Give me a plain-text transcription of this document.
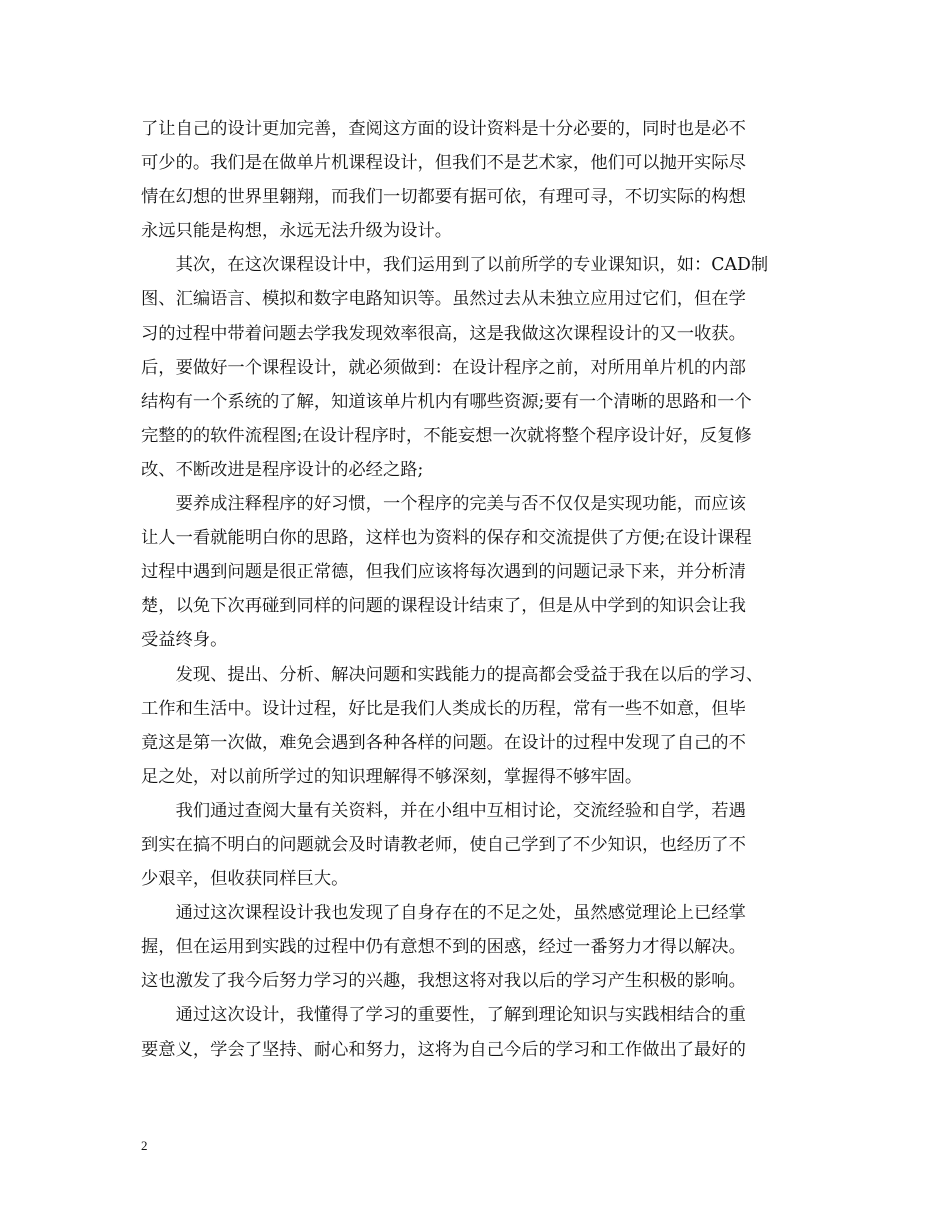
了让自己的设计更加完善，查阅这方面的设计资料是十分必要的，同时也是必不
可少的。我们是在做单片机课程设计，但我们不是艺术家，他们可以抛开实际尽
情在幻想的世界里翱翔，而我们一切都要有据可依，有理可寻，不切实际的构想
永远只能是构想，永远无法升级为设计。
　　其次，在这次课程设计中，我们运用到了以前所学的专业课知识，如：CAD制
图、汇编语言、模拟和数字电路知识等。虽然过去从未独立应用过它们，但在学
习的过程中带着问题去学我发现效率很高，这是我做这次课程设计的又一收获。
后，要做好一个课程设计，就必须做到：在设计程序之前，对所用单片机的内部
结构有一个系统的了解，知道该单片机内有哪些资源;要有一个清晰的思路和一个
完整的的软件流程图;在设计程序时，不能妄想一次就将整个程序设计好，反复修
改、不断改进是程序设计的必经之路;
　　要养成注释程序的好习惯，一个程序的完美与否不仅仅是实现功能，而应该
让人一看就能明白你的思路，这样也为资料的保存和交流提供了方便;在设计课程
过程中遇到问题是很正常德，但我们应该将每次遇到的问题记录下来，并分析清
楚，以免下次再碰到同样的问题的课程设计结束了，但是从中学到的知识会让我
受益终身。
　　发现、提出、分析、解决问题和实践能力的提高都会受益于我在以后的学习、
工作和生活中。设计过程，好比是我们人类成长的历程，常有一些不如意，但毕
竟这是第一次做，难免会遇到各种各样的问题。在设计的过程中发现了自己的不
足之处，对以前所学过的知识理解得不够深刻，掌握得不够牢固。
　　我们通过查阅大量有关资料，并在小组中互相讨论，交流经验和自学，若遇
到实在搞不明白的问题就会及时请教老师，使自己学到了不少知识，也经历了不
少艰辛，但收获同样巨大。
　　通过这次课程设计我也发现了自身存在的不足之处，虽然感觉理论上已经掌
握，但在运用到实践的过程中仍有意想不到的困惑，经过一番努力才得以解决。
这也激发了我今后努力学习的兴趣，我想这将对我以后的学习产生积极的影响。
　　通过这次设计，我懂得了学习的重要性，了解到理论知识与实践相结合的重
要意义，学会了坚持、耐心和努力，这将为自己今后的学习和工作做出了最好的
2
